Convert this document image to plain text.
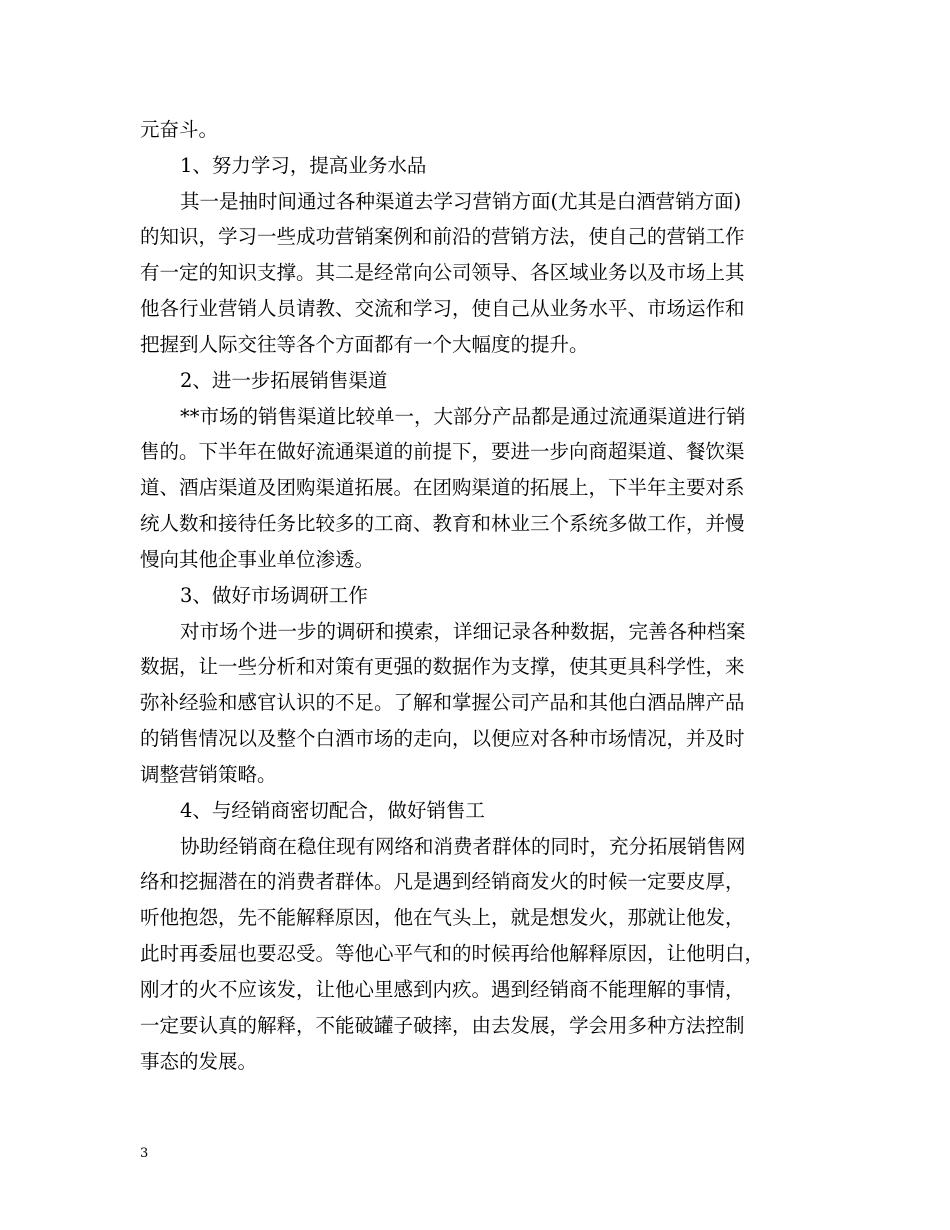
元奋斗。
1、努力学习，提高业务水品
其一是抽时间通过各种渠道去学习营销方面(尤其是白酒营销方面)
的知识，学习一些成功营销案例和前沿的营销方法，使自己的营销工作
有一定的知识支撑。其二是经常向公司领导、各区域业务以及市场上其
他各行业营销人员请教、交流和学习，使自己从业务水平、市场运作和
把握到人际交往等各个方面都有一个大幅度的提升。
2、进一步拓展销售渠道
**市场的销售渠道比较单一，大部分产品都是通过流通渠道进行销
售的。下半年在做好流通渠道的前提下，要进一步向商超渠道、餐饮渠
道、酒店渠道及团购渠道拓展。在团购渠道的拓展上，下半年主要对系
统人数和接待任务比较多的工商、教育和林业三个系统多做工作，并慢
慢向其他企事业单位渗透。
3、做好市场调研工作
对市场个进一步的调研和摸索，详细记录各种数据，完善各种档案
数据，让一些分析和对策有更强的数据作为支撑，使其更具科学性，来
弥补经验和感官认识的不足。了解和掌握公司产品和其他白酒品牌产品
的销售情况以及整个白酒市场的走向，以便应对各种市场情况，并及时
调整营销策略。
4、与经销商密切配合，做好销售工
协助经销商在稳住现有网络和消费者群体的同时，充分拓展销售网
络和挖掘潜在的消费者群体。凡是遇到经销商发火的时候一定要皮厚，
听他抱怨，先不能解释原因，他在气头上，就是想发火，那就让他发，
此时再委屈也要忍受。等他心平气和的时候再给他解释原因，让他明白，
刚才的火不应该发，让他心里感到内疚。遇到经销商不能理解的事情，
一定要认真的解释，不能破罐子破摔，由去发展，学会用多种方法控制
事态的发展。
3
